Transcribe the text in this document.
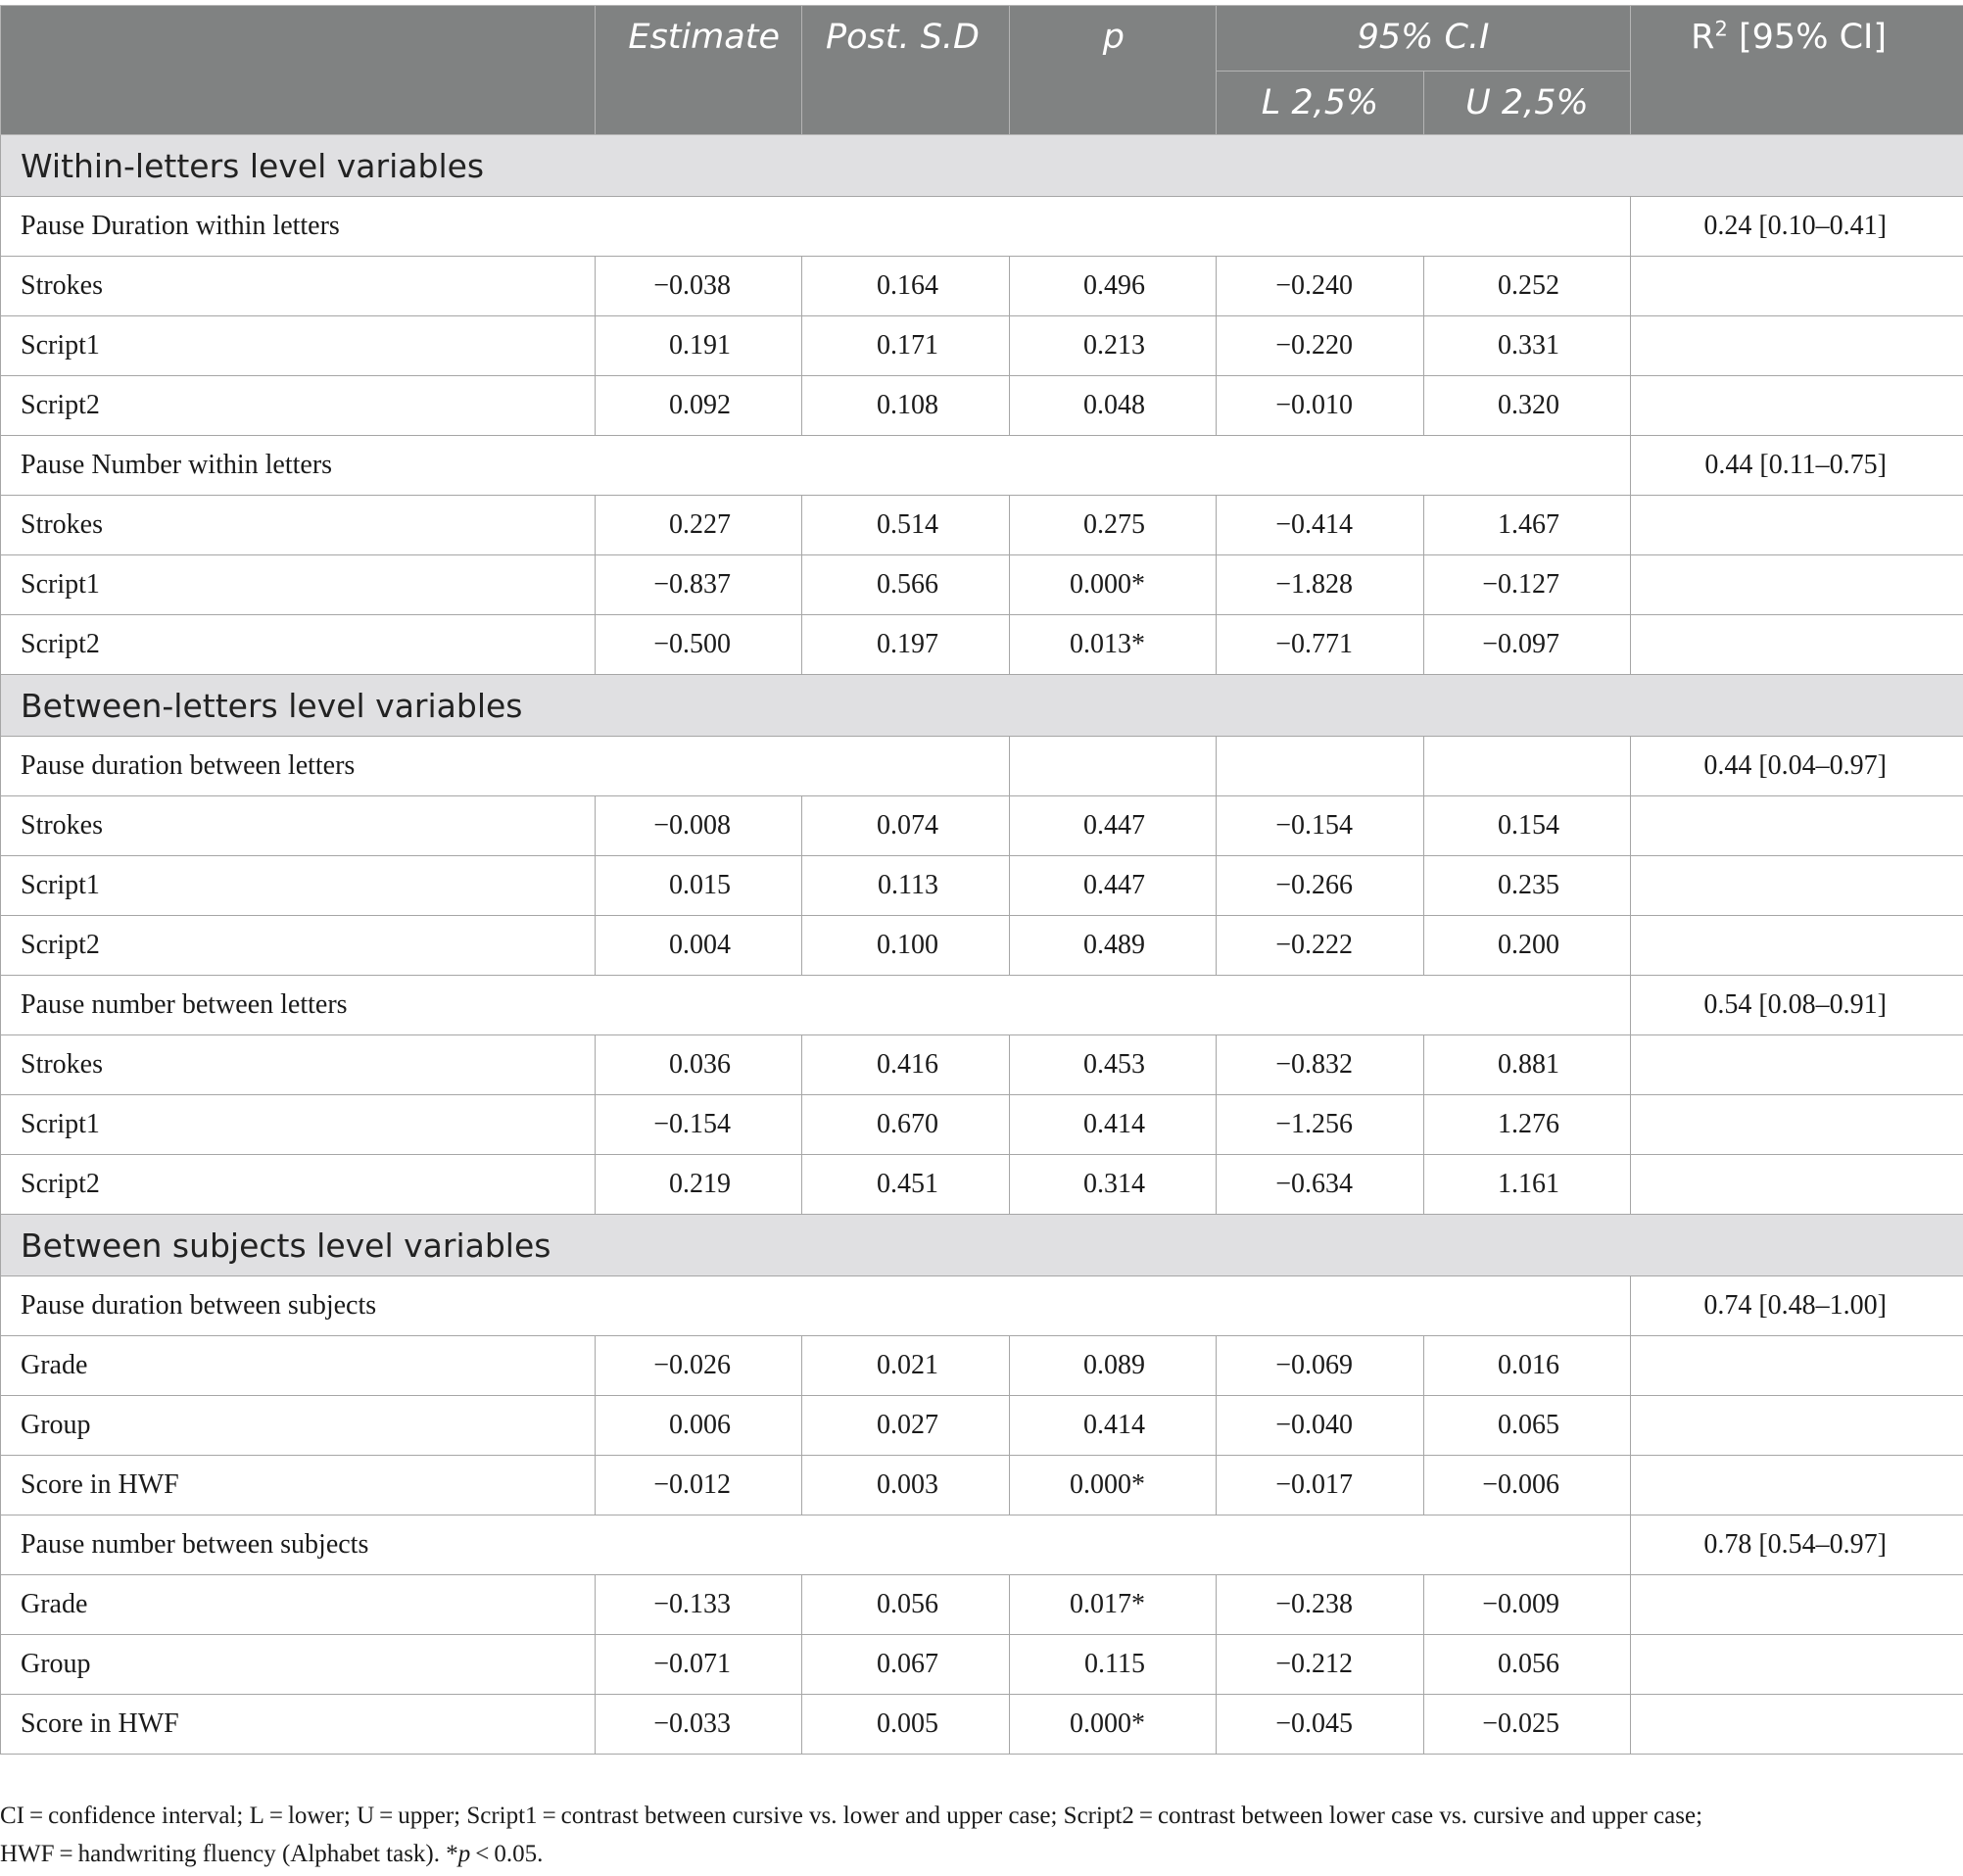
	Estimate	Post. S.D	p	95% C.I		$R^2$ [95% CI]
				L 2,5%	U 2,5%	
Within-letters level variables						
Pause Duration within letters						0.24 [0.10–0.41]
Strokes	−0.038	0.164	0.496	−0.240	0.252	
Script1	0.191	0.171	0.213	−0.220	0.331	
Script2	0.092	0.108	0.048	−0.010	0.320	
Pause Number within letters						0.44 [0.11–0.75]
Strokes	0.227	0.514	0.275	−0.414	1.467	
Script1	−0.837	0.566	0.000*	−1.828	−0.127	
Script2	−0.500	0.197	0.013*	−0.771	−0.097	
Between-letters level variables						
Pause duration between letters						0.44 [0.04–0.97]
Strokes	−0.008	0.074	0.447	−0.154	0.154	
Script1	0.015	0.113	0.447	−0.266	0.235	
Script2	0.004	0.100	0.489	−0.222	0.200	
Pause number between letters						0.54 [0.08–0.91]
Strokes	0.036	0.416	0.453	−0.832	0.881	
Script1	−0.154	0.670	0.414	−1.256	1.276	
Script2	0.219	0.451	0.314	−0.634	1.161	
Between subjects level variables						
Pause duration between subjects						0.74 [0.48–1.00]
Grade	−0.026	0.021	0.089	−0.069	0.016	
Group	0.006	0.027	0.414	−0.040	0.065	
Score in HWF	−0.012	0.003	0.000*	−0.017	−0.006	
Pause number between subjects						0.78 [0.54–0.97]
Grade	−0.133	0.056	0.017*	−0.238	−0.009	
Group	−0.071	0.067	0.115	−0.212	0.056	
Score in HWF	−0.033	0.005	0.000*	−0.045	−0.025	
CI = confidence interval; L = lower; U = upper; Script1 = contrast between cursive vs. lower and upper case; Script2 = contrast between lower case vs. cursive and upper case;
HWF = handwriting fluency (Alphabet task). *p < 0.05.
